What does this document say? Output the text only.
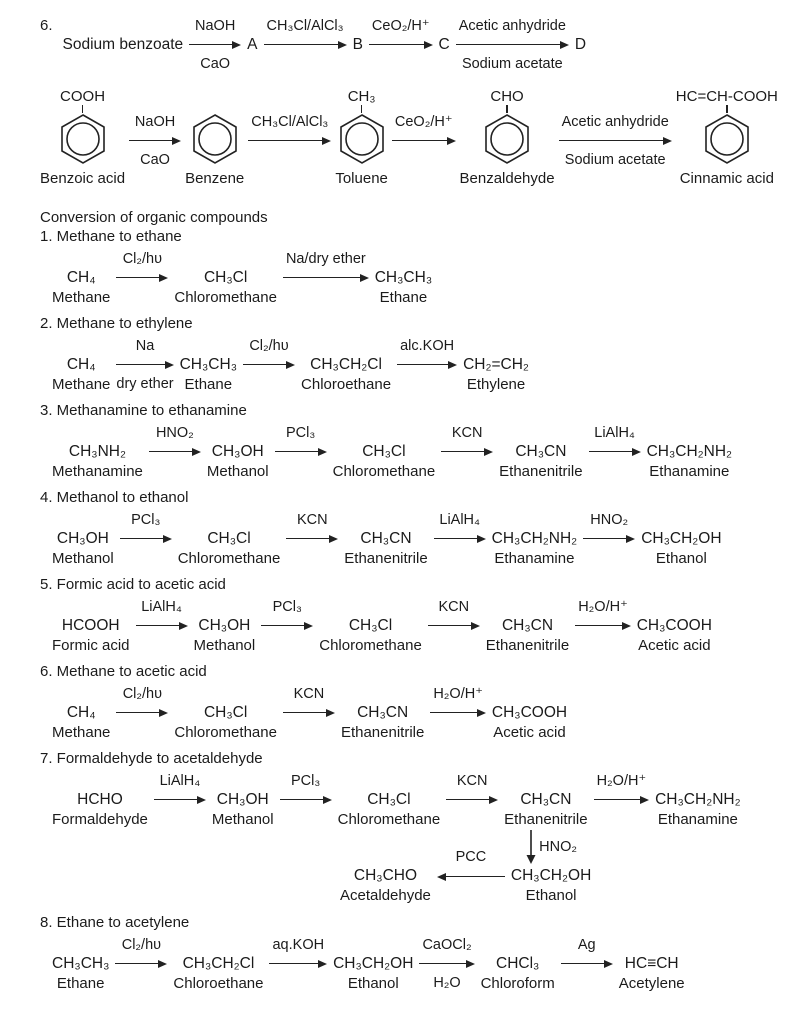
6.
Sodium benzoate
NaOH
CaO
A
CH₃Cl/AlCl₃
B
CeO₂/H⁺
C
Acetic anhydride
Sodium acetate
D
COOH
Benzoic acid
NaOH
CaO
Benzene
CH₃Cl/AlCl₃
CH₃
Toluene
CeO₂/H⁺
CHO
Benzaldehyde
Acetic anhydride
Sodium acetate
HC=CH-COOH
Cinnamic acid
Conversion of organic compounds
1. Methane to ethane
CH₄
Methane
Cl₂/hυ
CH₃Cl
Chloromethane
Na/dry ether
CH₃CH₃
Ethane
2. Methane to ethylene
CH₄
Methane
Na
dry ether
CH₃CH₃
Ethane
Cl₂/hυ
CH₃CH₂Cl
Chloroethane
alc.KOH
CH₂=CH₂
Ethylene
3. Methanamine to ethanamine
CH₃NH₂
Methanamine
HNO₂
CH₃OH
Methanol
PCl₃
CH₃Cl
Chloromethane
KCN
CH₃CN
Ethanenitrile
LiAlH₄
CH₃CH₂NH₂
Ethanamine
4. Methanol to ethanol
CH₃OH
Methanol
PCl₃
CH₃Cl
Chloromethane
KCN
CH₃CN
Ethanenitrile
LiAlH₄
CH₃CH₂NH₂
Ethanamine
HNO₂
CH₃CH₂OH
Ethanol
5. Formic acid to acetic acid
HCOOH
Formic acid
LiAlH₄
CH₃OH
Methanol
PCl₃
CH₃Cl
Chloromethane
KCN
CH₃CN
Ethanenitrile
H₂O/H⁺
CH₃COOH
Acetic acid
6. Methane to acetic acid
CH₄
Methane
Cl₂/hυ
CH₃Cl
Chloromethane
KCN
CH₃CN
Ethanenitrile
H₂O/H⁺
CH₃COOH
Acetic acid
7. Formaldehyde to acetaldehyde
HCHO
Formaldehyde
LiAlH₄
CH₃OH
Methanol
PCl₃
CH₃Cl
Chloromethane
KCN
CH₃CN
Ethanenitrile
H₂O/H⁺
CH₃CH₂NH₂
Ethanamine
CH₃CHO
Acetaldehyde
PCC
HNO₂
CH₃CH₂OH
Ethanol
8. Ethane to acetylene
CH₃CH₃
Ethane
Cl₂/hυ
CH₃CH₂Cl
Chloroethane
aq.KOH
CH₃CH₂OH
Ethanol
CaOCl₂
H₂O
CHCl₃
Chloroform
Ag
HC≡CH
Acetylene
